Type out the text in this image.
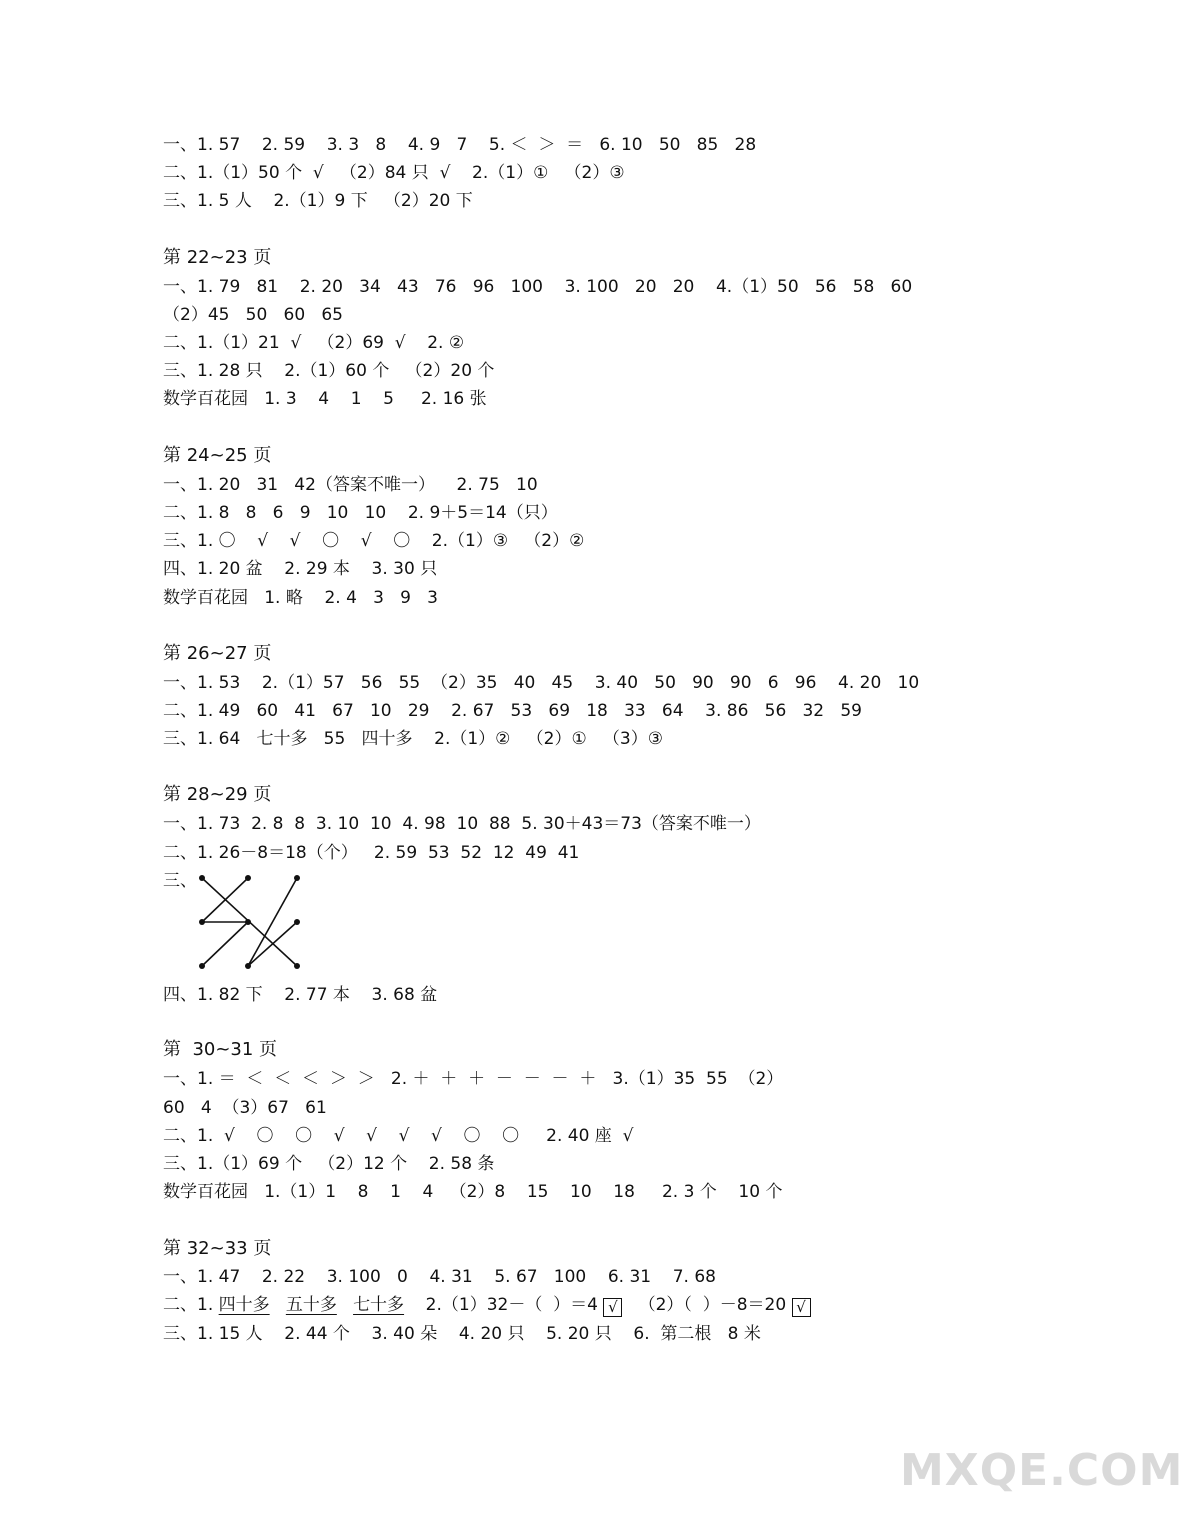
一、1. 57    2. 59    3. 3   8    4. 9   7    5. ＜  ＞  ＝   6. 10   50   85   28
二、1.（1）50 个  √   （2）84 只  √    2.（1）①   （2）③
三、1. 5 人    2.（1）9 下   （2）20 下
第 22~23 页
一、1. 79   81    2. 20   34   43   76   96   100    3. 100   20   20    4.（1）50   56   58   60
（2）45   50   60   65
二、1.（1）21  √   （2）69  √    2. ②
三、1. 28 只    2.（1）60 个   （2）20 个
数学百花园   1. 3    4    1    5     2. 16 张
第 24~25 页
一、1. 20   31   42（答案不唯一）    2. 75   10
二、1. 8   8   6   9   10   10    2. 9＋5＝14（只）
三、1. 〇    √    √    〇    √    〇    2.（1）③   （2）②
四、1. 20 盆    2. 29 本    3. 30 只
数学百花园   1. 略    2. 4   3   9   3
第 26~27 页
一、1. 53    2.（1）57   56   55  （2）35   40   45    3. 40   50   90   90   6   96    4. 20   10
二、1. 49   60   41   67   10   29    2. 67   53   69   18   33   64    3. 86   56   32   59
三、1. 64   七十多   55   四十多    2.（1）②   （2）①   （3）③
第 28~29 页
一、1. 73  2. 8  8  3. 10  10  4. 98  10  88  5. 30＋43＝73（答案不唯一）
二、1. 26－8＝18（个）   2. 59  53  52  12  49  41
三、
四、1. 82 下    2. 77 本    3. 68 盆
第  30~31 页
一、1. ＝  ＜  ＜  ＜  ＞  ＞   2. ＋  ＋  ＋  －  －  －  ＋   3.（1）35  55  （2）
60   4  （3）67   61
二、1.  √    〇    〇    √    √    √    √    〇    〇     2. 40 座  √
三、1.（1）69 个   （2）12 个    2. 58 条
数学百花园   1.（1）1    8    1    4   （2）8    15    10    18     2. 3 个    10 个
第 32~33 页
一、1. 47    2. 22    3. 100   0    4. 31    5. 67   100    6. 31    7. 68
二、1. 四十多 五十多 七十多    2.（1）32－（  ）＝4 √   （2）（  ）－8＝20 √
三、1. 15 人    2. 44 个    3. 40 朵    4. 20 只    5. 20 只    6.  第二根   8 米
MXQE.COM
